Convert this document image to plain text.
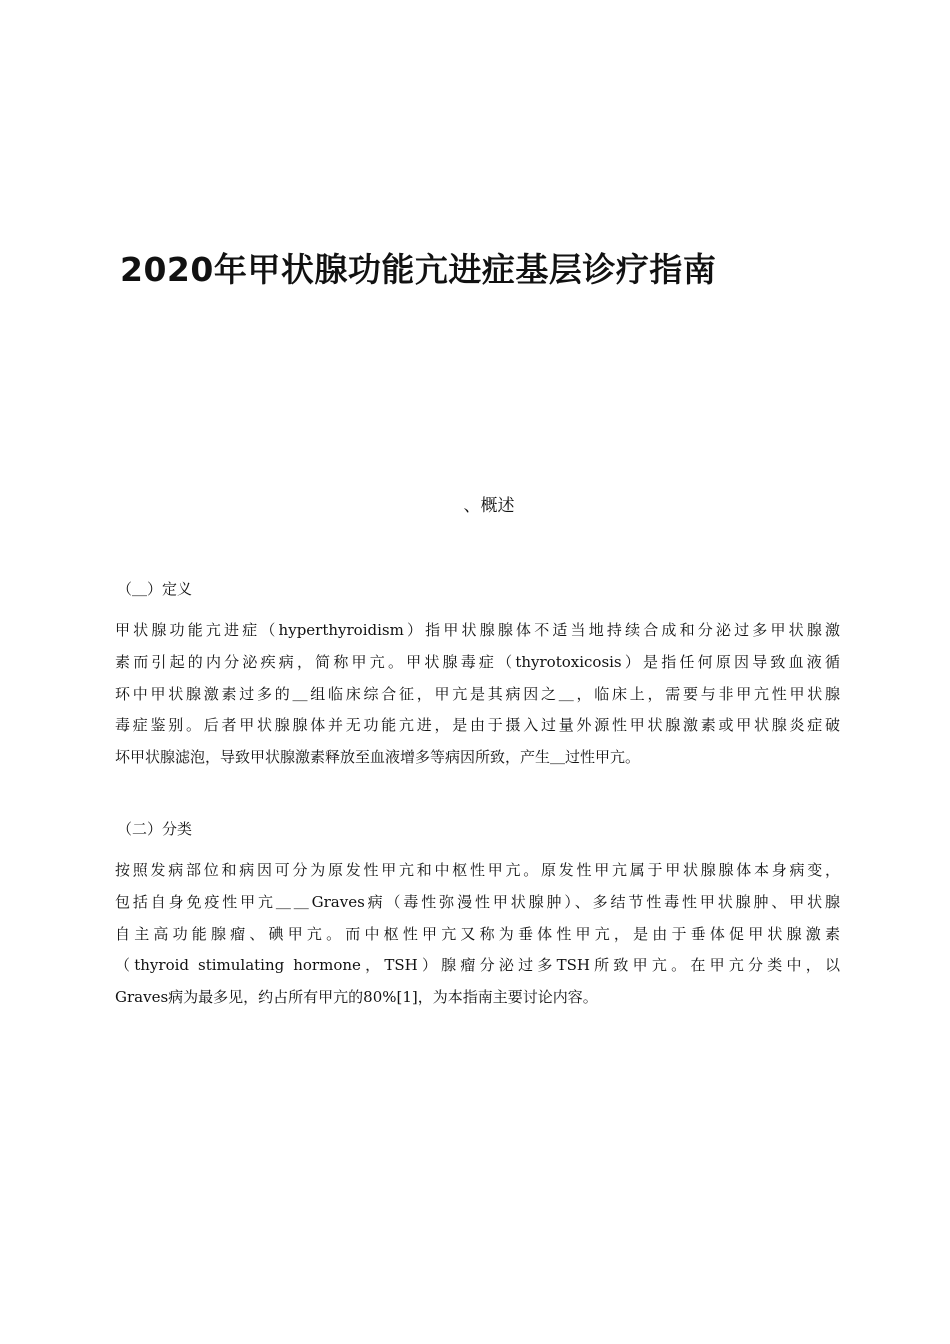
2020年甲状腺功能亢进症基层诊疗指南
、概述
（＿）定义
甲状腺功能亢进症（hyperthyroidism）指甲状腺腺体不适当地持续合成和分泌过多甲状腺激
素而引起的内分泌疾病，简称甲亢。甲状腺毒症（thyrotoxicosis）是指任何原因导致血液循
环中甲状腺激素过多的＿组临床综合征，甲亢是其病因之＿，临床上，需要与非甲亢性甲状腺
毒症鉴别。后者甲状腺腺体并无功能亢进，是由于摄入过量外源性甲状腺激素或甲状腺炎症破
坏甲状腺滤泡，导致甲状腺激素释放至血液增多等病因所致，产生＿过性甲亢。
（二）分类
按照发病部位和病因可分为原发性甲亢和中枢性甲亢。原发性甲亢属于甲状腺腺体本身病变，
包括自身免疫性甲亢＿＿Graves病（毒性弥漫性甲状腺肿）、多结节性毒性甲状腺肿、甲状腺
自主高功能腺瘤、碘甲亢。而中枢性甲亢又称为垂体性甲亢，是由于垂体促甲状腺激素
（thyroid stimulating hormone，TSH）腺瘤分泌过多TSH所致甲亢。在甲亢分类中，以
Graves病为最多见，约占所有甲亢的80%[1]，为本指南主要讨论内容。
